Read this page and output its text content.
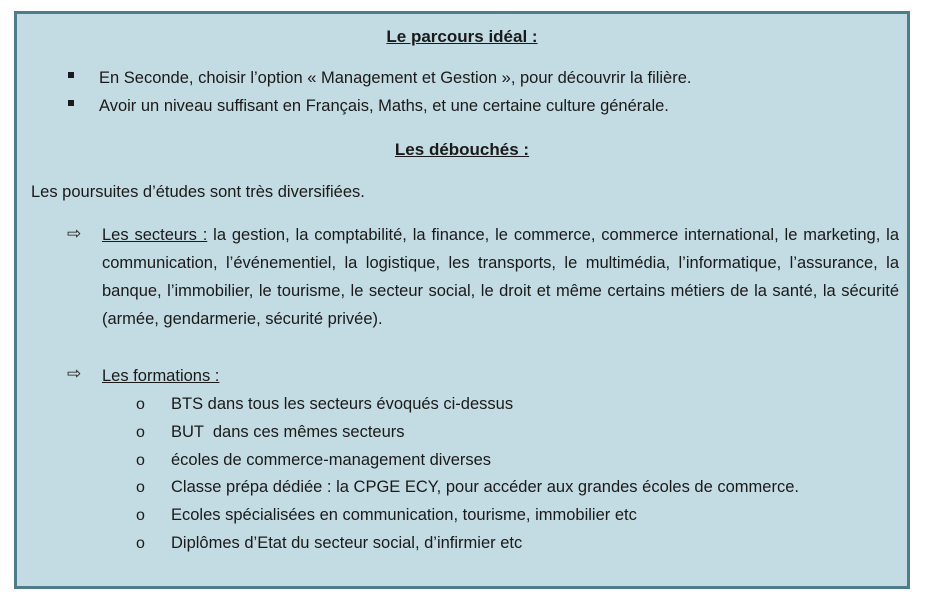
Le parcours idéal :
En Seconde, choisir l’option « Management et Gestion », pour découvrir la filière.
Avoir un niveau suffisant en Français, Maths, et une certaine culture générale.
Les débouchés :
Les poursuites d’études sont très diversifiées.
⇨ Les secteurs : la gestion, la comptabilité, la finance, le commerce, commerce international, le marketing, la communication, l’événementiel, la logistique, les transports, le multimédia, l’informatique, l’assurance, la banque, l’immobilier, le tourisme, le secteur social, le droit et même certains métiers de la santé, la sécurité (armée, gendarmerie, sécurité privée).
⇨ Les formations :
o BTS dans tous les secteurs évoqués ci-dessus
o BUT  dans ces mêmes secteurs
o écoles de commerce-management diverses
o Classe prépa dédiée : la CPGE ECY, pour accéder aux grandes écoles de commerce.
o Ecoles spécialisées en communication, tourisme, immobilier etc
o Diplômes d’Etat du secteur social, d’infirmier etc
